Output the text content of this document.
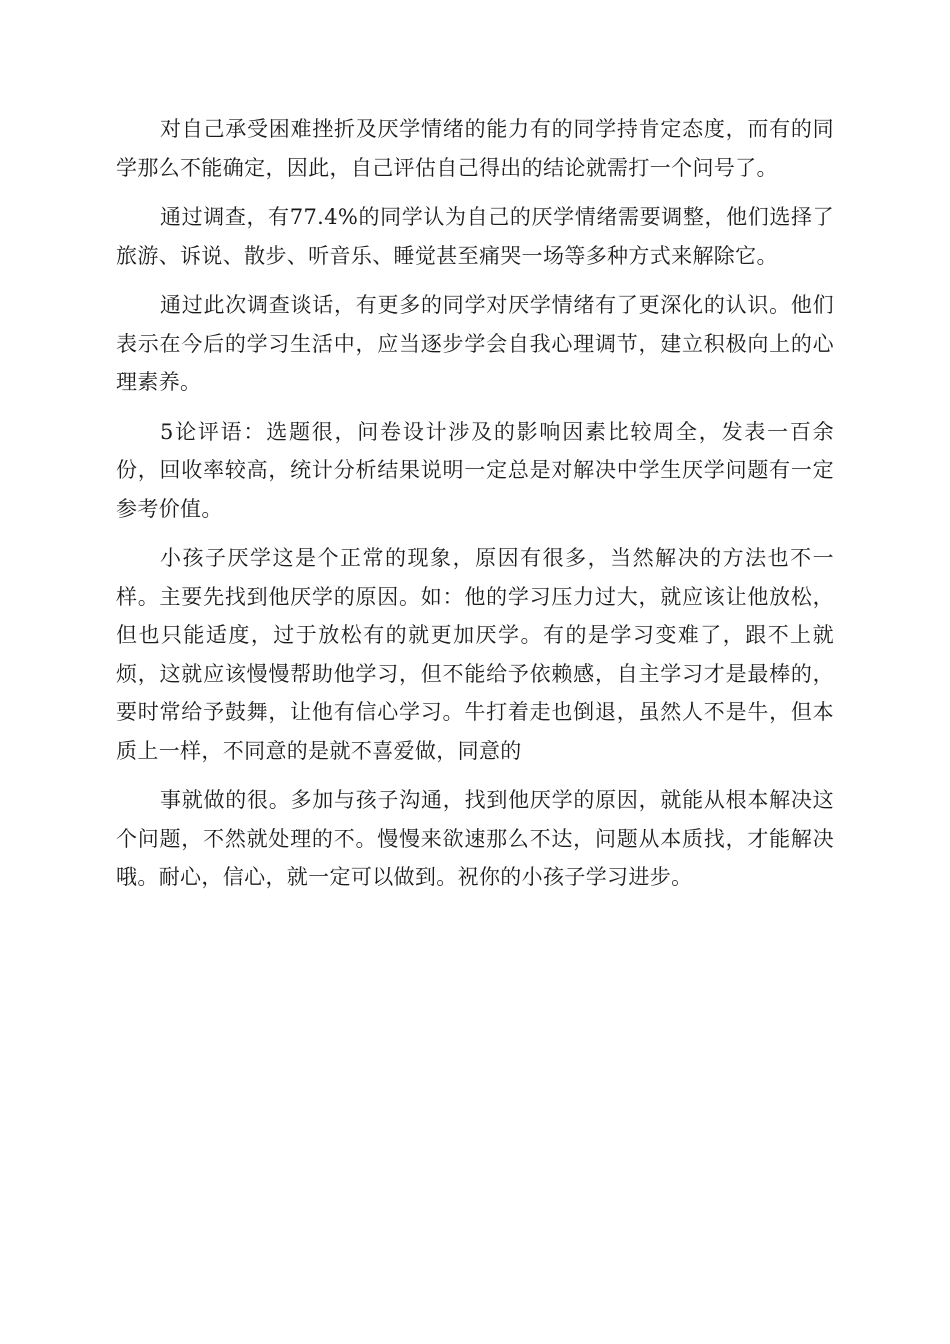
对自己承受困难挫折及厌学情绪的能力有的同学持肯定态度，而有的同学那么不能确定，因此，自己评估自己得出的结论就需打一个问号了。

通过调查，有77.4%的同学认为自己的厌学情绪需要调整，他们选择了旅游、诉说、散步、听音乐、睡觉甚至痛哭一场等多种方式来解除它。

通过此次调查谈话，有更多的同学对厌学情绪有了更深化的认识。他们表示在今后的学习生活中，应当逐步学会自我心理调节，建立积极向上的心理素养。

5论评语：选题很，问卷设计涉及的影响因素比较周全，发表一百余份，回收率较高，统计分析结果说明一定总是对解决中学生厌学问题有一定参考价值。

小孩子厌学这是个正常的现象，原因有很多，当然解决的方法也不一样。主要先找到他厌学的原因。如：他的学习压力过大，就应该让他放松，但也只能适度，过于放松有的就更加厌学。有的是学习变难了，跟不上就烦，这就应该慢慢帮助他学习，但不能给予依赖感，自主学习才是最棒的，要时常给予鼓舞，让他有信心学习。牛打着走也倒退，虽然人不是牛，但本质上一样，不同意的是就不喜爱做，同意的

事就做的很。多加与孩子沟通，找到他厌学的原因，就能从根本解决这个问题，不然就处理的不。慢慢来欲速那么不达，问题从本质找，才能解决哦。耐心，信心，就一定可以做到。祝你的小孩子学习进步。
